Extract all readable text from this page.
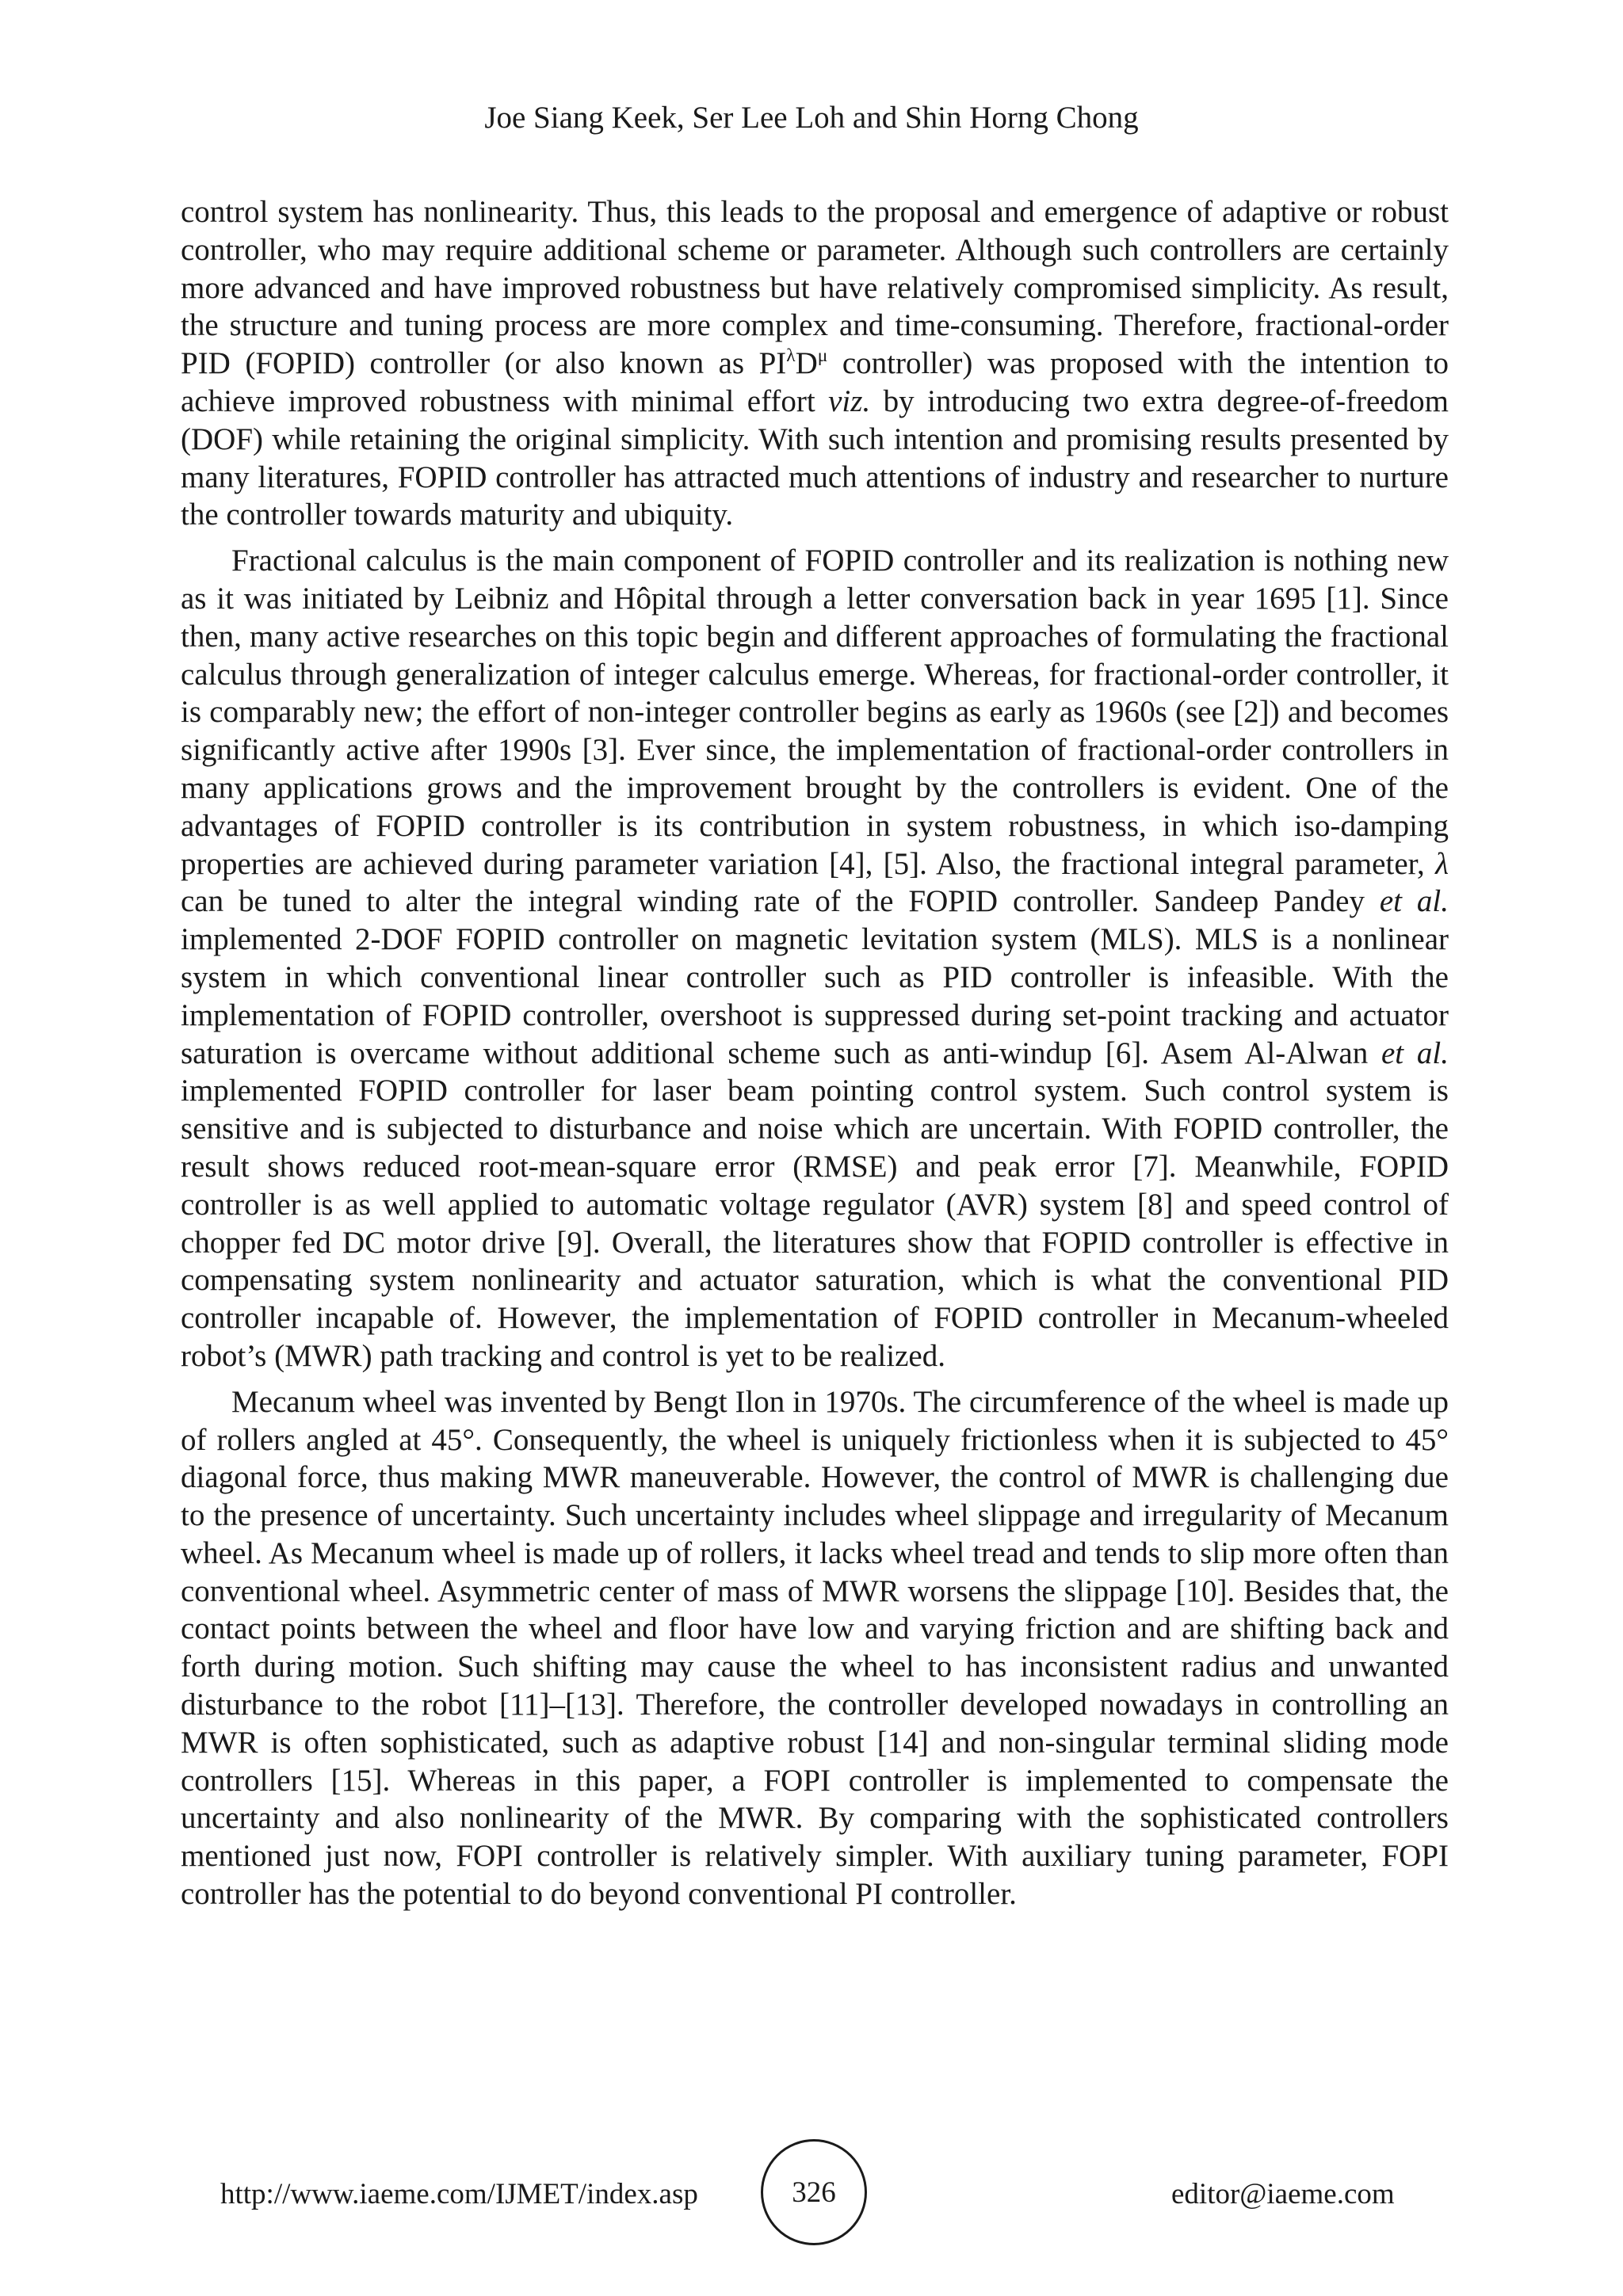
Joe Siang Keek, Ser Lee Loh and Shin Horng Chong

control system has nonlinearity. Thus, this leads to the proposal and emergence of adaptive or robust controller, who may require additional scheme or parameter. Although such controllers are certainly more advanced and have improved robustness but have relatively compromised simplicity. As result, the structure and tuning process are more complex and time-consuming. Therefore, fractional-order PID (FOPID) controller (or also known as $PI^\lambda D^\mu$ controller) was proposed with the intention to achieve improved robustness with minimal effort viz. by introducing two extra degree-of-freedom (DOF) while retaining the original simplicity. With such intention and promising results presented by many literatures, FOPID controller has attracted much attentions of industry and researcher to nurture the controller towards maturity and ubiquity.

Fractional calculus is the main component of FOPID controller and its realization is nothing new as it was initiated by Leibniz and Hôpital through a letter conversation back in year 1695 [1]. Since then, many active researches on this topic begin and different approaches of formulating the fractional calculus through generalization of integer calculus emerge. Whereas, for fractional-order controller, it is comparably new; the effort of non-integer controller begins as early as 1960s (see [2]) and becomes significantly active after 1990s [3]. Ever since, the implementation of fractional-order controllers in many applications grows and the improvement brought by the controllers is evident. One of the advantages of FOPID controller is its contribution in system robustness, in which iso-damping properties are achieved during parameter variation [4], [5]. Also, the fractional integral parameter, λ can be tuned to alter the integral winding rate of the FOPID controller. Sandeep Pandey et al. implemented 2-DOF FOPID controller on magnetic levitation system (MLS). MLS is a nonlinear system in which conventional linear controller such as PID controller is infeasible. With the implementation of FOPID controller, overshoot is suppressed during set-point tracking and actuator saturation is overcame without additional scheme such as anti-windup [6]. Asem Al-Alwan et al. implemented FOPID controller for laser beam pointing control system. Such control system is sensitive and is subjected to disturbance and noise which are uncertain. With FOPID controller, the result shows reduced root-mean-square error (RMSE) and peak error [7]. Meanwhile, FOPID controller is as well applied to automatic voltage regulator (AVR) system [8] and speed control of chopper fed DC motor drive [9]. Overall, the literatures show that FOPID controller is effective in compensating system nonlinearity and actuator saturation, which is what the conventional PID controller incapable of. However, the implementation of FOPID controller in Mecanum-wheeled robot’s (MWR) path tracking and control is yet to be realized.

Mecanum wheel was invented by Bengt Ilon in 1970s. The circumference of the wheel is made up of rollers angled at 45°. Consequently, the wheel is uniquely frictionless when it is subjected to 45° diagonal force, thus making MWR maneuverable. However, the control of MWR is challenging due to the presence of uncertainty. Such uncertainty includes wheel slippage and irregularity of Mecanum wheel. As Mecanum wheel is made up of rollers, it lacks wheel tread and tends to slip more often than conventional wheel. Asymmetric center of mass of MWR worsens the slippage [10]. Besides that, the contact points between the wheel and floor have low and varying friction and are shifting back and forth during motion. Such shifting may cause the wheel to has inconsistent radius and unwanted disturbance to the robot [11]–[13]. Therefore, the controller developed nowadays in controlling an MWR is often sophisticated, such as adaptive robust [14] and non-singular terminal sliding mode controllers [15]. Whereas in this paper, a FOPI controller is implemented to compensate the uncertainty and also nonlinearity of the MWR. By comparing with the sophisticated controllers mentioned just now, FOPI controller is relatively simpler. With auxiliary tuning parameter, FOPI controller has the potential to do beyond conventional PI controller.

http://www.iaeme.com/IJMET/index.asp	326	editor@iaeme.com
